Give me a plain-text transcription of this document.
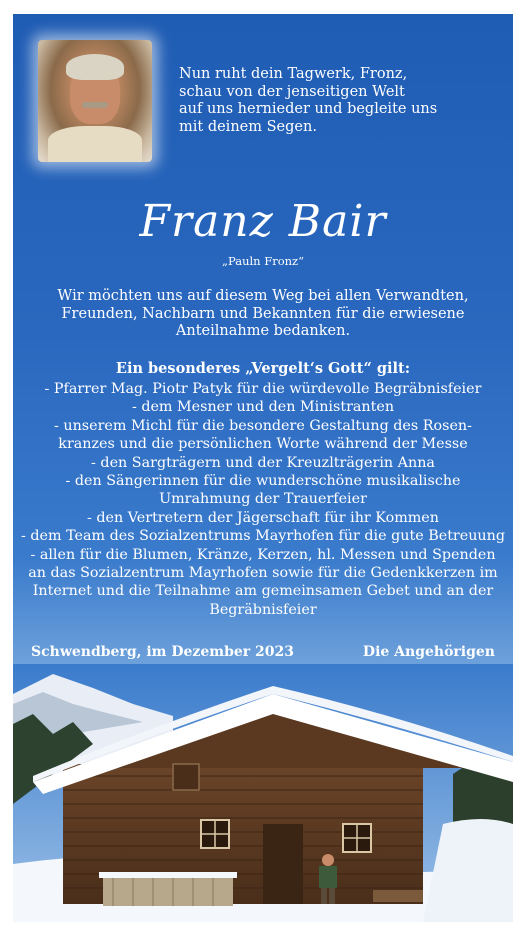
Nun ruht dein Tagwerk, Fronz,
schau von der jenseitigen Welt
auf uns hernieder und begleite uns
mit deinem Segen.
Franz Bair
„Pauln Fronz“
Wir möchten uns auf diesem Weg bei allen Verwandten,
Freunden, Nachbarn und Bekannten für die erwiesene
Anteilnahme bedanken.
Ein besonderes „Vergelt‘s Gott“ gilt:
- Pfarrer Mag. Piotr Patyk für die würdevolle Begräbnisfeier
- dem Mesner und den Ministranten
- unserem Michl für die besondere Gestaltung des Rosen-
kranzes und die persönlichen Worte während der Messe
- den Sargträgern und der Kreuzlträgerin Anna
- den Sängerinnen für die wunderschöne musikalische
Umrahmung der Trauerfeier
- den Vertretern der Jägerschaft für ihr Kommen
- dem Team des Sozialzentrums Mayrhofen für die gute Betreuung
- allen für die Blumen, Kränze, Kerzen, hl. Messen und Spenden
an das Sozialzentrum Mayrhofen sowie für die Gedenkkerzen im
Internet und die Teilnahme am gemeinsamen Gebet und an der
Begräbnisfeier
Schwendberg, im Dezember 2023	Die Angehörigen
